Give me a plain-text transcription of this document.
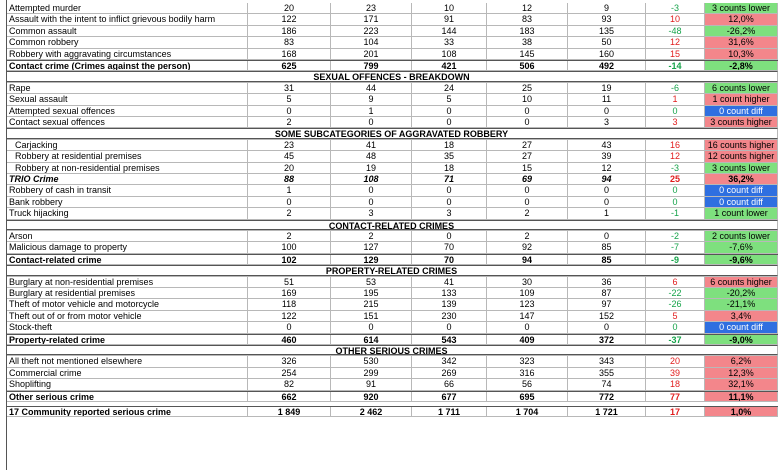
Attempted murder	20	23	10	12	9	-3	3 counts lower
Assault with the intent to inflict grievous bodily harm	122	171	91	83	93	10	12,0%
Common assault	186	223	144	183	135	-48	-26,2%
Common robbery	83	104	33	38	50	12	31,6%
Robbery with aggravating circumstances	168	201	108	145	160	15	10,3%
Contact crime (Crimes against the person)	625	799	421	506	492	-14	-2,8%
SEXUAL OFFENCES - BREAKDOWN
Rape	31	44	24	25	19	-6	6 counts lower
Sexual assault	5	9	5	10	11	1	1 count higher
Attempted sexual offences	0	1	0	0	0	0	0 count diff
Contact sexual offences	2	0	0	0	3	3	3 counts higher
SOME SUBCATEGORIES OF AGGRAVATED ROBBERY
Carjacking	23	41	18	27	43	16	16 counts higher
Robbery at residential premises	45	48	35	27	39	12	12 counts higher
Robbery at non-residential premises	20	19	18	15	12	-3	3 counts lower
TRIO Crime	88	108	71	69	94	25	36,2%
Robbery of cash in transit	1	0	0	0	0	0	0 count diff
Bank robbery	0	0	0	0	0	0	0 count diff
Truck hijacking	2	3	3	2	1	-1	1 count lower
CONTACT-RELATED CRIMES
Arson	2	2	0	2	0	-2	2 counts lower
Malicious damage to property	100	127	70	92	85	-7	-7,6%
Contact-related crime	102	129	70	94	85	-9	-9,6%
PROPERTY-RELATED CRIMES
Burglary at non-residential premises	51	53	41	30	36	6	6 counts higher
Burglary at residential premises	169	195	133	109	87	-22	-20,2%
Theft of motor vehicle and motorcycle	118	215	139	123	97	-26	-21,1%
Theft out of or from motor vehicle	122	151	230	147	152	5	3,4%
Stock-theft	0	0	0	0	0	0	0 count diff
Property-related crime	460	614	543	409	372	-37	-9,0%
OTHER SERIOUS CRIMES
All theft not mentioned elsewhere	326	530	342	323	343	20	6,2%
Commercial crime	254	299	269	316	355	39	12,3%
Shoplifting	82	91	66	56	74	18	32,1%
Other serious crime	662	920	677	695	772	77	11,1%
17 Community reported serious crime	1 849	2 462	1 711	1 704	1 721	17	1,0%
